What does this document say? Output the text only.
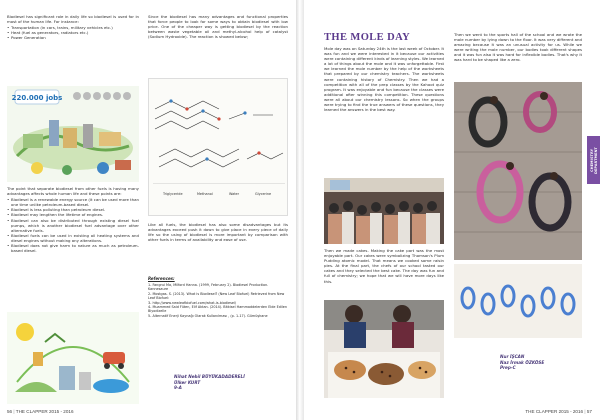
Biodiesel has significant role in daily life so biodiesel is used for in most of the human life. For instance:

• Transportation (in cars, trains, military vehicles etc.)
• Heat (fuel as generators, radiators etc.)
• Power Generation
220.000 jobs

The point that separate biodiesel from other fuels is having many advantages affects whole human life and these points are:

• Biodiesel is a renewable energy source (it can be used more than one time unlike petroleum-based diesel.
• Biodiesel is less polluting than petroleum diesel.
• Biodiesel may lengthen the lifetime of engines.
• Biodiesel can also be distributed through existing diesel fuel pumps, which is another biodiesel fuel advantage over other alternative fuels.
• Biodiesel fuels can be used in existing oil heating systems and diesel engines without making any alterations.
• Biodiesel does not give harm to nature as much as petroleum-based diesel.

Since the biodiesel has many advantages and functional properties that force people to look for some ways to obtain biodiesel with low price. One of the cheaper way is getting biodiesel by the reaction between waste vegetable oil and methyl-alcohol help of catalyst (Sodium Hydroxide). The reaction is showed below;

Triglyceride	Methanol	Water	Glycerine

Like all fuels, the biodiesel has also some disadvantages but its advantages exceed push it down to give place in every piece of daily life so the using of biodiesel is more important by comparison with other fuels in terms of availability and ease of use.

References:
1- Fangrui Ma, Milford Hanna. (1999, February 2). Biodiesel Production. Kannesaure
2- Mostgas. S. (2013). What is Biodiesel? (New Leaf Biofuel) Retrieved from New Leaf Biofuel:
3- http://www.newleafbiofuel.com/what-is-biodiesel/
4- Muammed Said Füten, Elif Aktan. (2014). Bitkisel Hammaddelerden Elde Edilen Biyodizelle
5- Alternatif Enerji Kaynağı Olarak Kullanılması , (p. 1-17). Gümüşhane
Nihat Nebil BÜYÜKADADERELİ
Ülker KURT
9-A
56 | THE CLAPPER 2015 - 2016
THE MOLE DAY

Mole day was on Saturday 24th is the last week of October. It was fun and we were interested in it because our activities were containing different kinds of learning styles. We learned a lot of things about the mole and it was unforgettable. First we learned the mole number by the help of the worksheets that prepared by our chemistry teachers. The worksheets were containing history of Chemistry. Then we had a competition with all of the prep classes by the Kahoot quiz program. It was enjoyable and fun because the classes were additional after winning this competition. These questions were all about our chemistry lessons. So when the groups were trying to find the true answers of these questions, they learned the answers in the best way.

Then we made cakes. Making the cake part was the most enjoyable part. Our cakes were symbolizing Thomson's Plum Pudding atomic model. That means we cooked some raisin pies. At the final part, the chefs of our school tasted our cakes and they selected the best cake. The day was fun and full of chemistry; we hope that we will have more days like this.

Then we went to the sports hall of the school and we wrote the mole number by lying down to the floor. It was very different and amazing because it was an unusual activity for us. While we were writing the mole number, our bodies took different shapes and it was fun also it was hard for inflexible bodies. That's why it was hard to be shaped like a zero.

Nur İŞCAN
Naz İrmak ÖZKÖSE
Prep-C
CHEMISTRY
DEPARTMENT
THE CLAPPER 2015 - 2016 | 57
